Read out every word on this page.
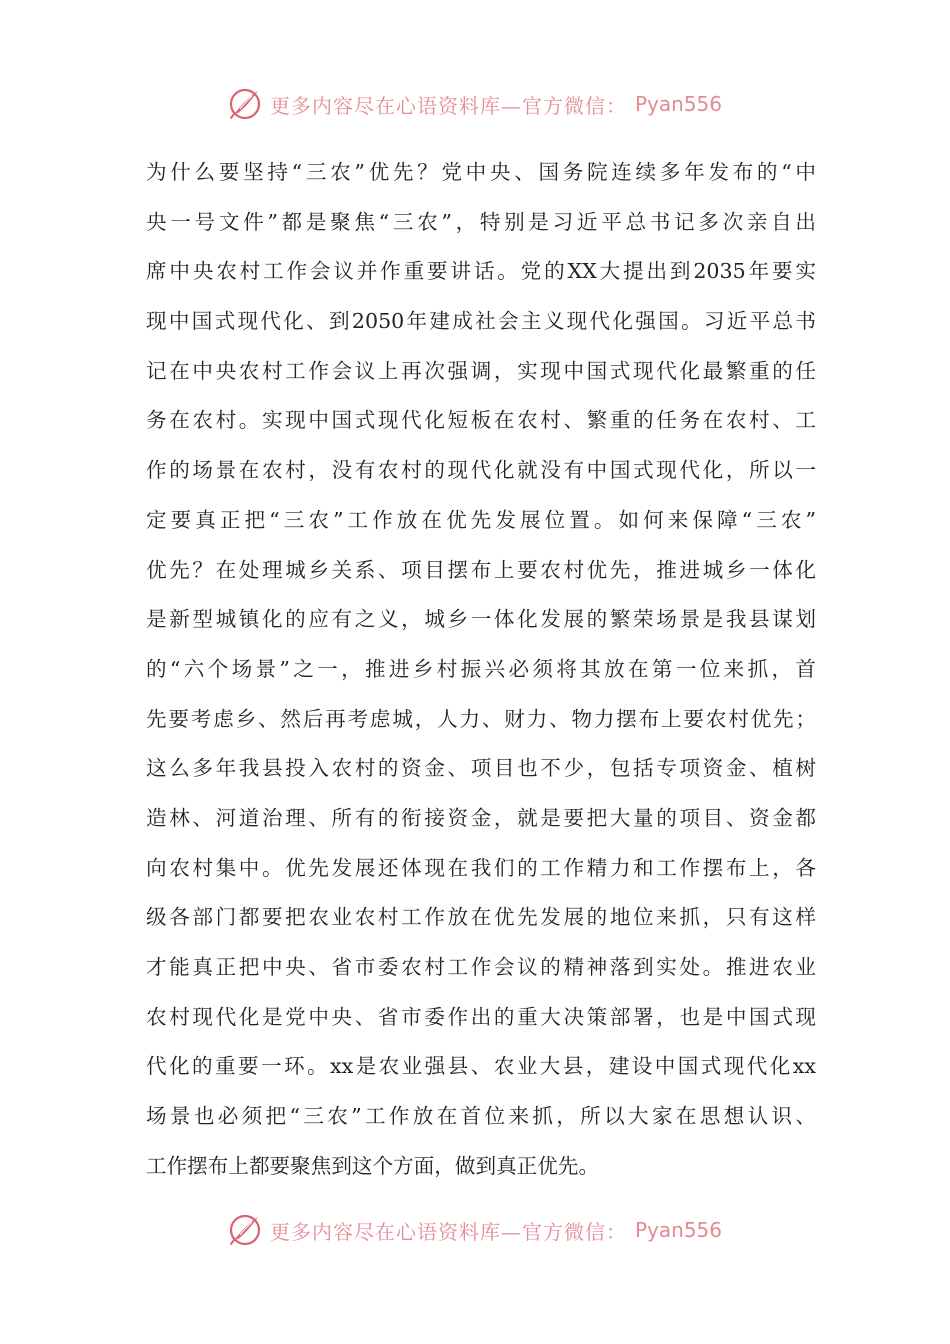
更多内容尽在心语资料库—官方微信： Pyan556
为什么要坚持“三农”优先？党中央、国务院连续多年发布的“中
央一号文件”都是聚焦“三农”，特别是习近平总书记多次亲自出
席中央农村工作会议并作重要讲话。党的XX大提出到2035年要实
现中国式现代化、到2050年建成社会主义现代化强国。习近平总书
记在中央农村工作会议上再次强调，实现中国式现代化最繁重的任
务在农村。实现中国式现代化短板在农村、繁重的任务在农村、工
作的场景在农村，没有农村的现代化就没有中国式现代化，所以一
定要真正把“三农”工作放在优先发展位置。如何来保障“三农”
优先？在处理城乡关系、项目摆布上要农村优先，推进城乡一体化
是新型城镇化的应有之义，城乡一体化发展的繁荣场景是我县谋划
的“六个场景”之一，推进乡村振兴必须将其放在第一位来抓，首
先要考虑乡、然后再考虑城，人力、财力、物力摆布上要农村优先；
这么多年我县投入农村的资金、项目也不少，包括专项资金、植树
造林、河道治理、所有的衔接资金，就是要把大量的项目、资金都
向农村集中。优先发展还体现在我们的工作精力和工作摆布上，各
级各部门都要把农业农村工作放在优先发展的地位来抓，只有这样
才能真正把中央、省市委农村工作会议的精神落到实处。推进农业
农村现代化是党中央、省市委作出的重大决策部署，也是中国式现
代化的重要一环。xx是农业强县、农业大县，建设中国式现代化xx
场景也必须把“三农”工作放在首位来抓，所以大家在思想认识、
工作摆布上都要聚焦到这个方面，做到真正优先。
更多内容尽在心语资料库—官方微信： Pyan556
